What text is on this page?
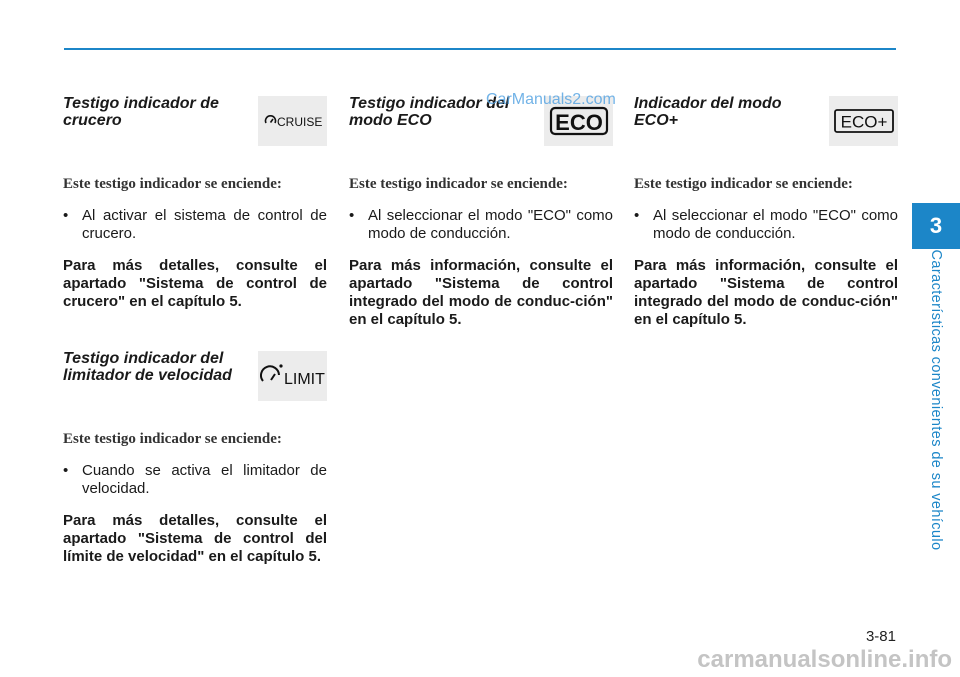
Testigo indicador de crucero	CRUISE
Este testigo indicador se enciende:
• Al activar el sistema de control de crucero.
Para más detalles, consulte el apartado "Sistema de control de crucero" en el capítulo 5.
Testigo indicador del limitador de velocidad	LIMIT
Este testigo indicador se enciende:
• Cuando se activa el limitador de velocidad.
Para más detalles, consulte el apartado "Sistema de control del límite de velocidad" en el capítulo 5.
Testigo indicador del modo ECO	ECO
Este testigo indicador se enciende:
• Al seleccionar el modo "ECO" como modo de conducción.
Para más información, consulte el apartado "Sistema de control integrado del modo de conduc-ción" en el capítulo 5.
Indicador del modo ECO+	ECO+
Este testigo indicador se enciende:
• Al seleccionar el modo "ECO" como modo de conducción.
Para más información, consulte el apartado "Sistema de control integrado del modo de conduc-ción" en el capítulo 5.
CarManuals2.com
3
Características convenientes de su vehículo
3-81
carmanualsonline.info
